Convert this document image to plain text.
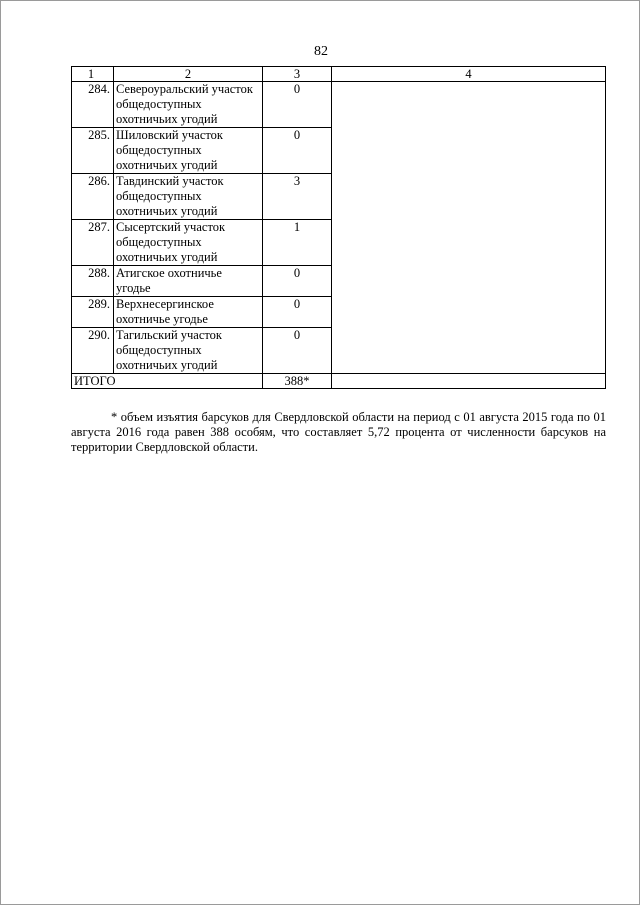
82
1	2	3	4
284.	Североуральский участок
общедоступных
охотничьих угодий	0	
285.	Шиловский участок
общедоступных
охотничьих угодий	0	
286.	Тавдинский участок
общедоступных
охотничьих угодий	3	
287.	Сысертский участок
общедоступных
охотничьих угодий	1	
288.	Атигское охотничье
угодье	0	
289.	Верхнесергинское
охотничье угодье	0	
290.	Тагильский участок
общедоступных
охотничьих угодий	0	
ИТОГО		388*	
* объем изъятия барсуков для Свердловской области на период с 01 августа 2015 года по 01 августа 2016 года равен 388 особям, что составляет 5,72 процента от численности барсуков на территории Свердловской области.
